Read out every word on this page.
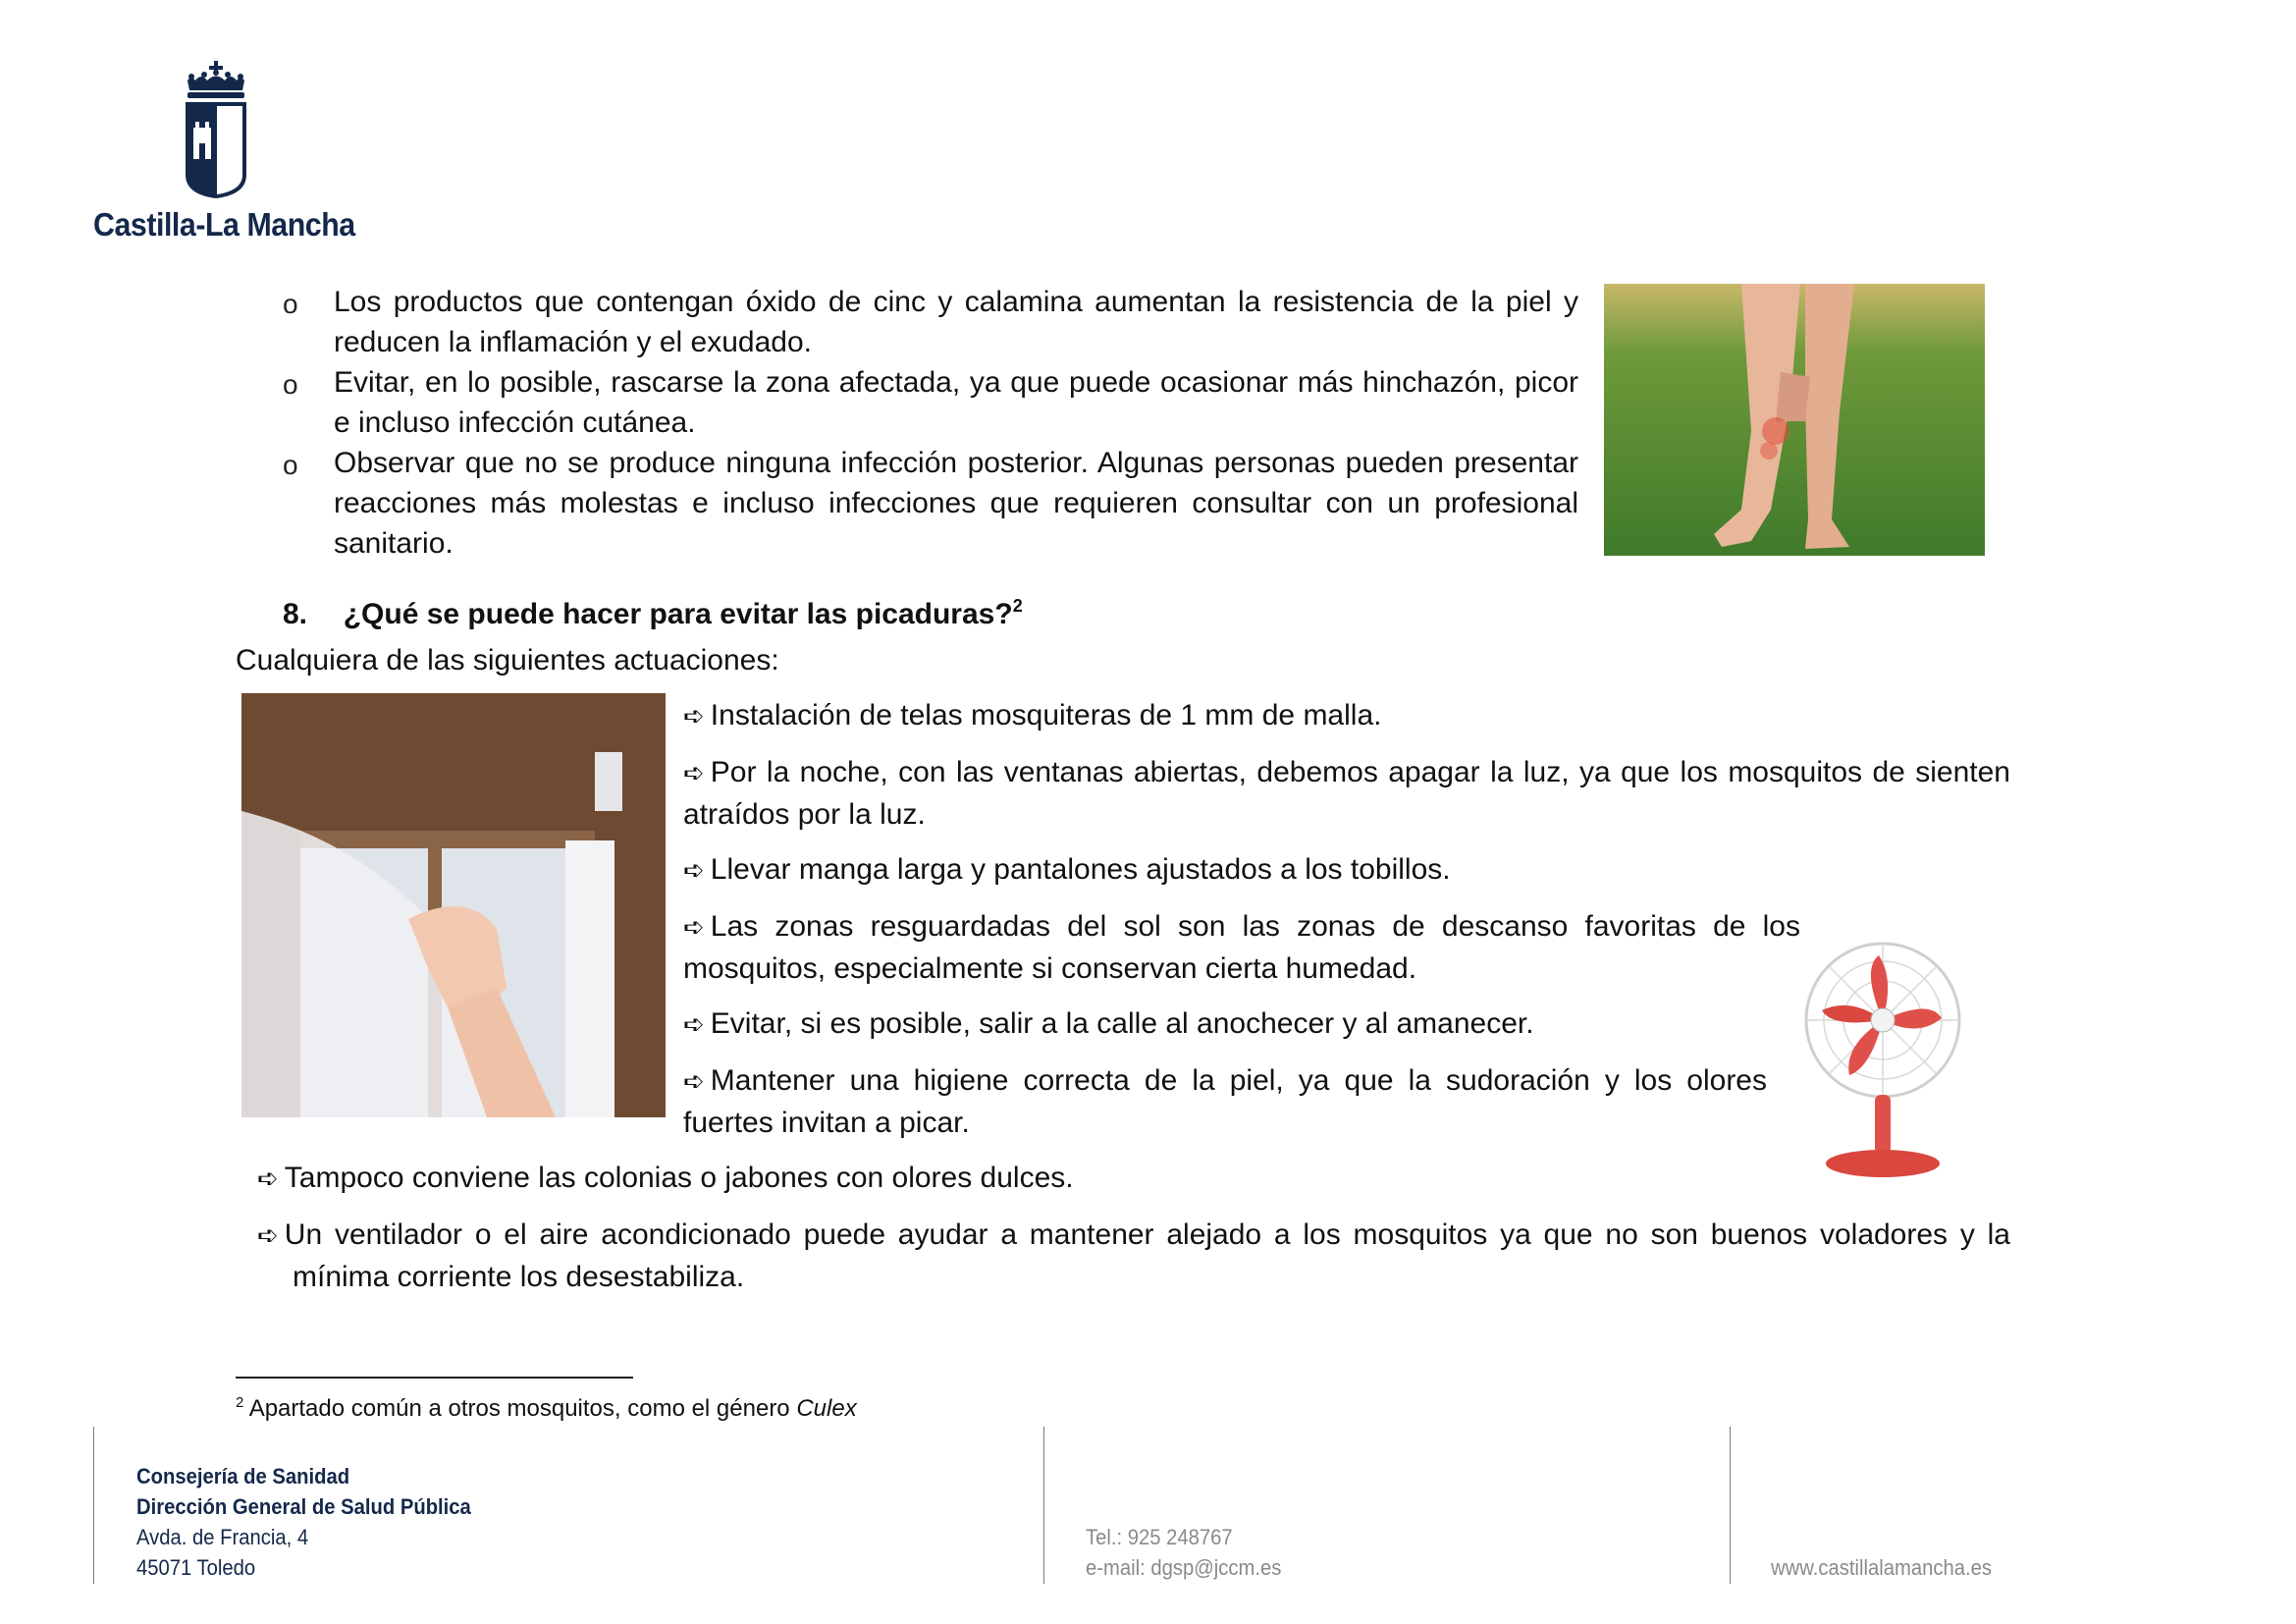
Castilla-La Mancha
o Los productos que contengan óxido de cinc y calamina aumentan la resistencia de la piel y
reducen la inflamación y el exudado.
o Evitar, en lo posible, rascarse la zona afectada, ya que puede ocasionar más hinchazón, picor
e incluso infección cutánea.
o Observar que no se produce ninguna infección posterior. Algunas personas pueden presentar
reacciones más molestas e incluso infecciones que requieren consultar con un profesional
sanitario.
8. ¿Qué se puede hacer para evitar las picaduras?$^2$
Cualquiera de las siguientes actuaciones:
➪ Instalación de telas mosquiteras de 1 mm de malla.
➪ Por la noche, con las ventanas abiertas, debemos apagar la luz, ya que los mosquitos de sienten
atraídos por la luz.
➪ Llevar manga larga y pantalones ajustados a los tobillos.
➪ Las zonas resguardadas del sol son las zonas de descanso favoritas de los
mosquitos, especialmente si conservan cierta humedad.
➪ Evitar, si es posible, salir a la calle al anochecer y al amanecer.
➪ Mantener una higiene correcta de la piel, ya que la sudoración y los olores
fuertes invitan a picar.
➪ Tampoco conviene las colonias o jabones con olores dulces.
➪ Un ventilador o el aire acondicionado puede ayudar a mantener alejado a los mosquitos ya que no son buenos voladores y la
mínima corriente los desestabiliza.
$^2$ Apartado común a otros mosquitos, como el género Culex
Consejería de Sanidad
Dirección General de Salud Pública
Avda. de Francia, 4
45071 Toledo
Tel.: 925 248767
e-mail: dgsp@jccm.es	www.castillalamancha.es
